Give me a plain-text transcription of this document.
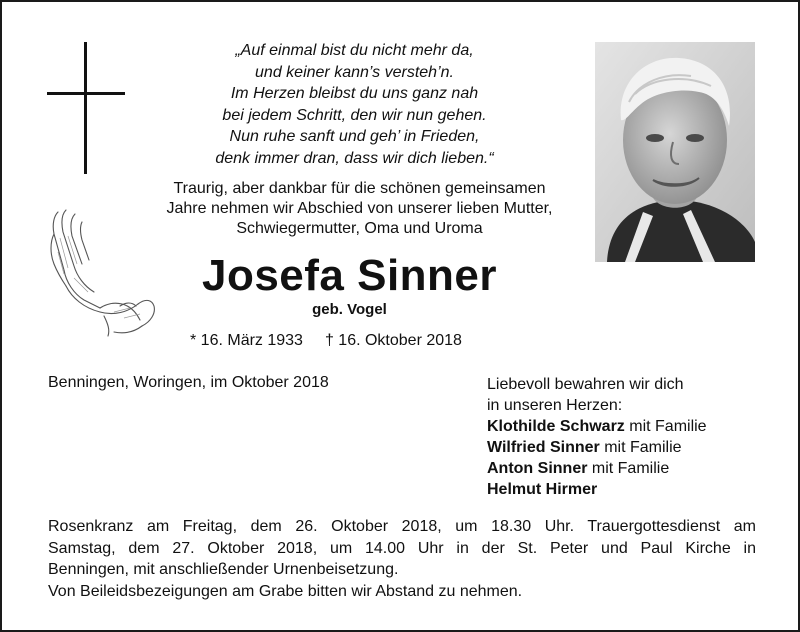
„Auf einmal bist du nicht mehr da,
und keiner kann’s versteh’n.
Im Herzen bleibst du uns ganz nah
bei jedem Schritt, den wir nun gehen.
Nun ruhe sanft und geh’ in Frieden,
denk immer dran, dass wir dich lieben.“
Traurig, aber dankbar für die schönen gemeinsamen
Jahre nehmen wir Abschied von unserer lieben Mutter,
Schwiegermutter, Oma und Uroma
Josefa Sinner
geb. Vogel
* 16. März 1933 † 16. Oktober 2018
Benningen, Woringen, im Oktober 2018	Liebevoll bewahren wir dich
in unseren Herzen:
Klothilde Schwarz mit Familie
Wilfried Sinner mit Familie
Anton Sinner mit Familie
Helmut Hirmer
Rosenkranz am Freitag, dem 26. Oktober 2018, um 18.30 Uhr. Trauergottesdienst am
Samstag, dem 27. Oktober 2018, um 14.00 Uhr in der St. Peter und Paul Kirche in
Benningen, mit anschließender Urnenbeisetzung.
Von Beileidsbezeigungen am Grabe bitten wir Abstand zu nehmen.
